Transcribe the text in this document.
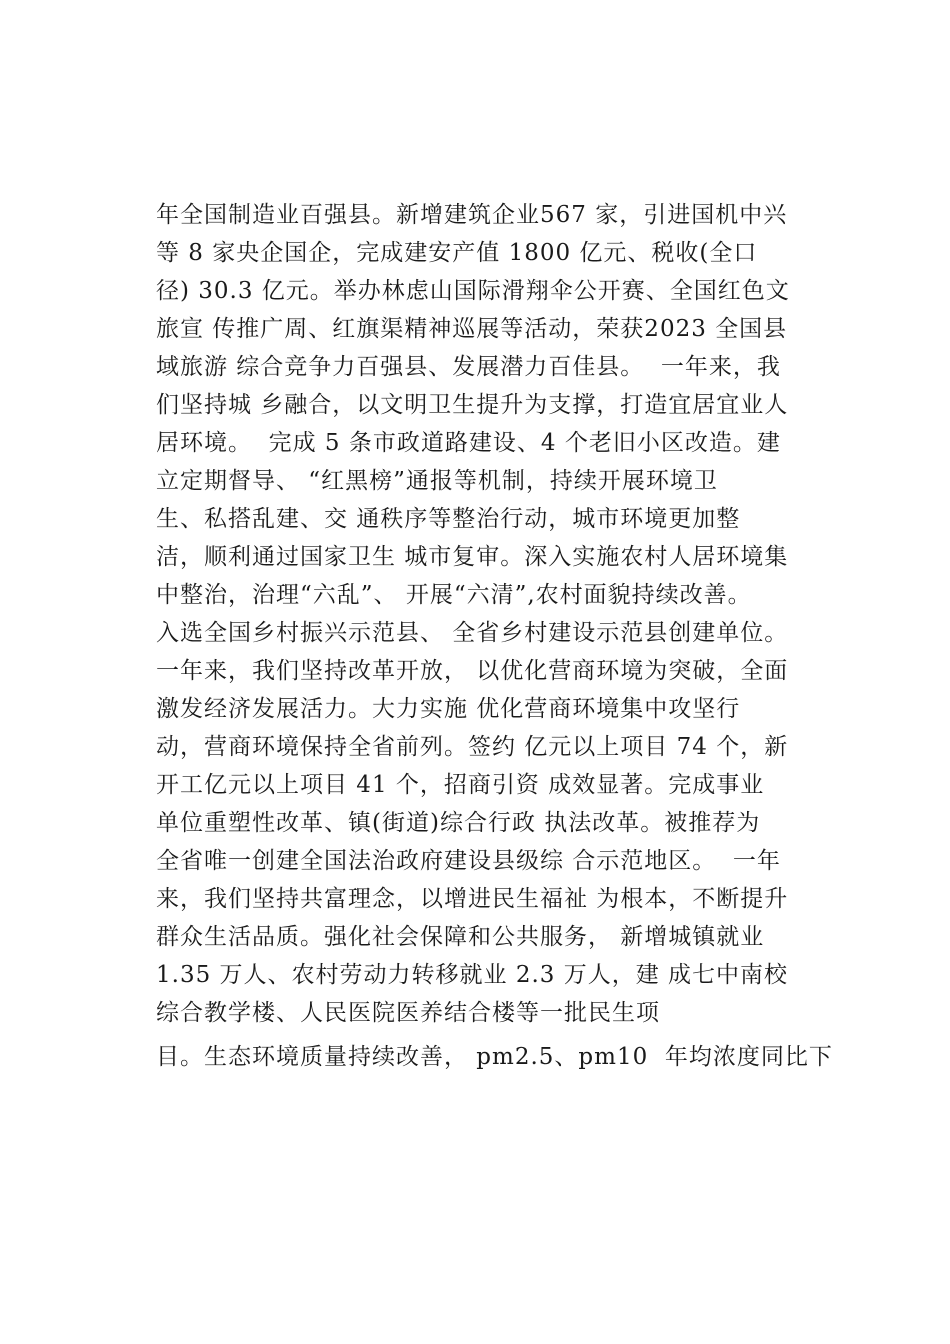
年全国制造业百强县。新增建筑企业567 家，引进国机中兴
等 8 家央企国企，完成建安产值 1800 亿元、税收(全口
径) 30.3 亿元。举办林虑山国际滑翔伞公开赛、全国红色文
旅宣 传推广周、红旗渠精神巡展等活动，荣获2023 全国县
域旅游 综合竞争力百强县、发展潜力百佳县。  一年来，我
们坚持城 乡融合，以文明卫生提升为支撑，打造宜居宜业人
居环境。  完成 5 条市政道路建设、4 个老旧小区改造。建
立定期督导、 “红黑榜”通报等机制，持续开展环境卫
生、私搭乱建、交 通秩序等整治行动，城市环境更加整
洁，顺利通过国家卫生 城市复审。深入实施农村人居环境集
中整治，治理“六乱”、 开展“六清”,农村面貌持续改善。
入选全国乡村振兴示范县、 全省乡村建设示范县创建单位。
一年来，我们坚持改革开放， 以优化营商环境为突破，全面
激发经济发展活力。大力实施 优化营商环境集中攻坚行
动，营商环境保持全省前列。签约 亿元以上项目 74 个，新
开工亿元以上项目 41 个，招商引资 成效显著。完成事业
单位重塑性改革、镇(街道)综合行政 执法改革。被推荐为
全省唯一创建全国法治政府建设县级综 合示范地区。  一年
来，我们坚持共富理念，以增进民生福祉 为根本，不断提升
群众生活品质。强化社会保障和公共服务， 新增城镇就业
1.35 万人、农村劳动力转移就业 2.3 万人，建 成七中南校
综合教学楼、人民医院医养结合楼等一批民生项
目。生态环境质量持续改善， pm2.5、pm10  年均浓度同比下
